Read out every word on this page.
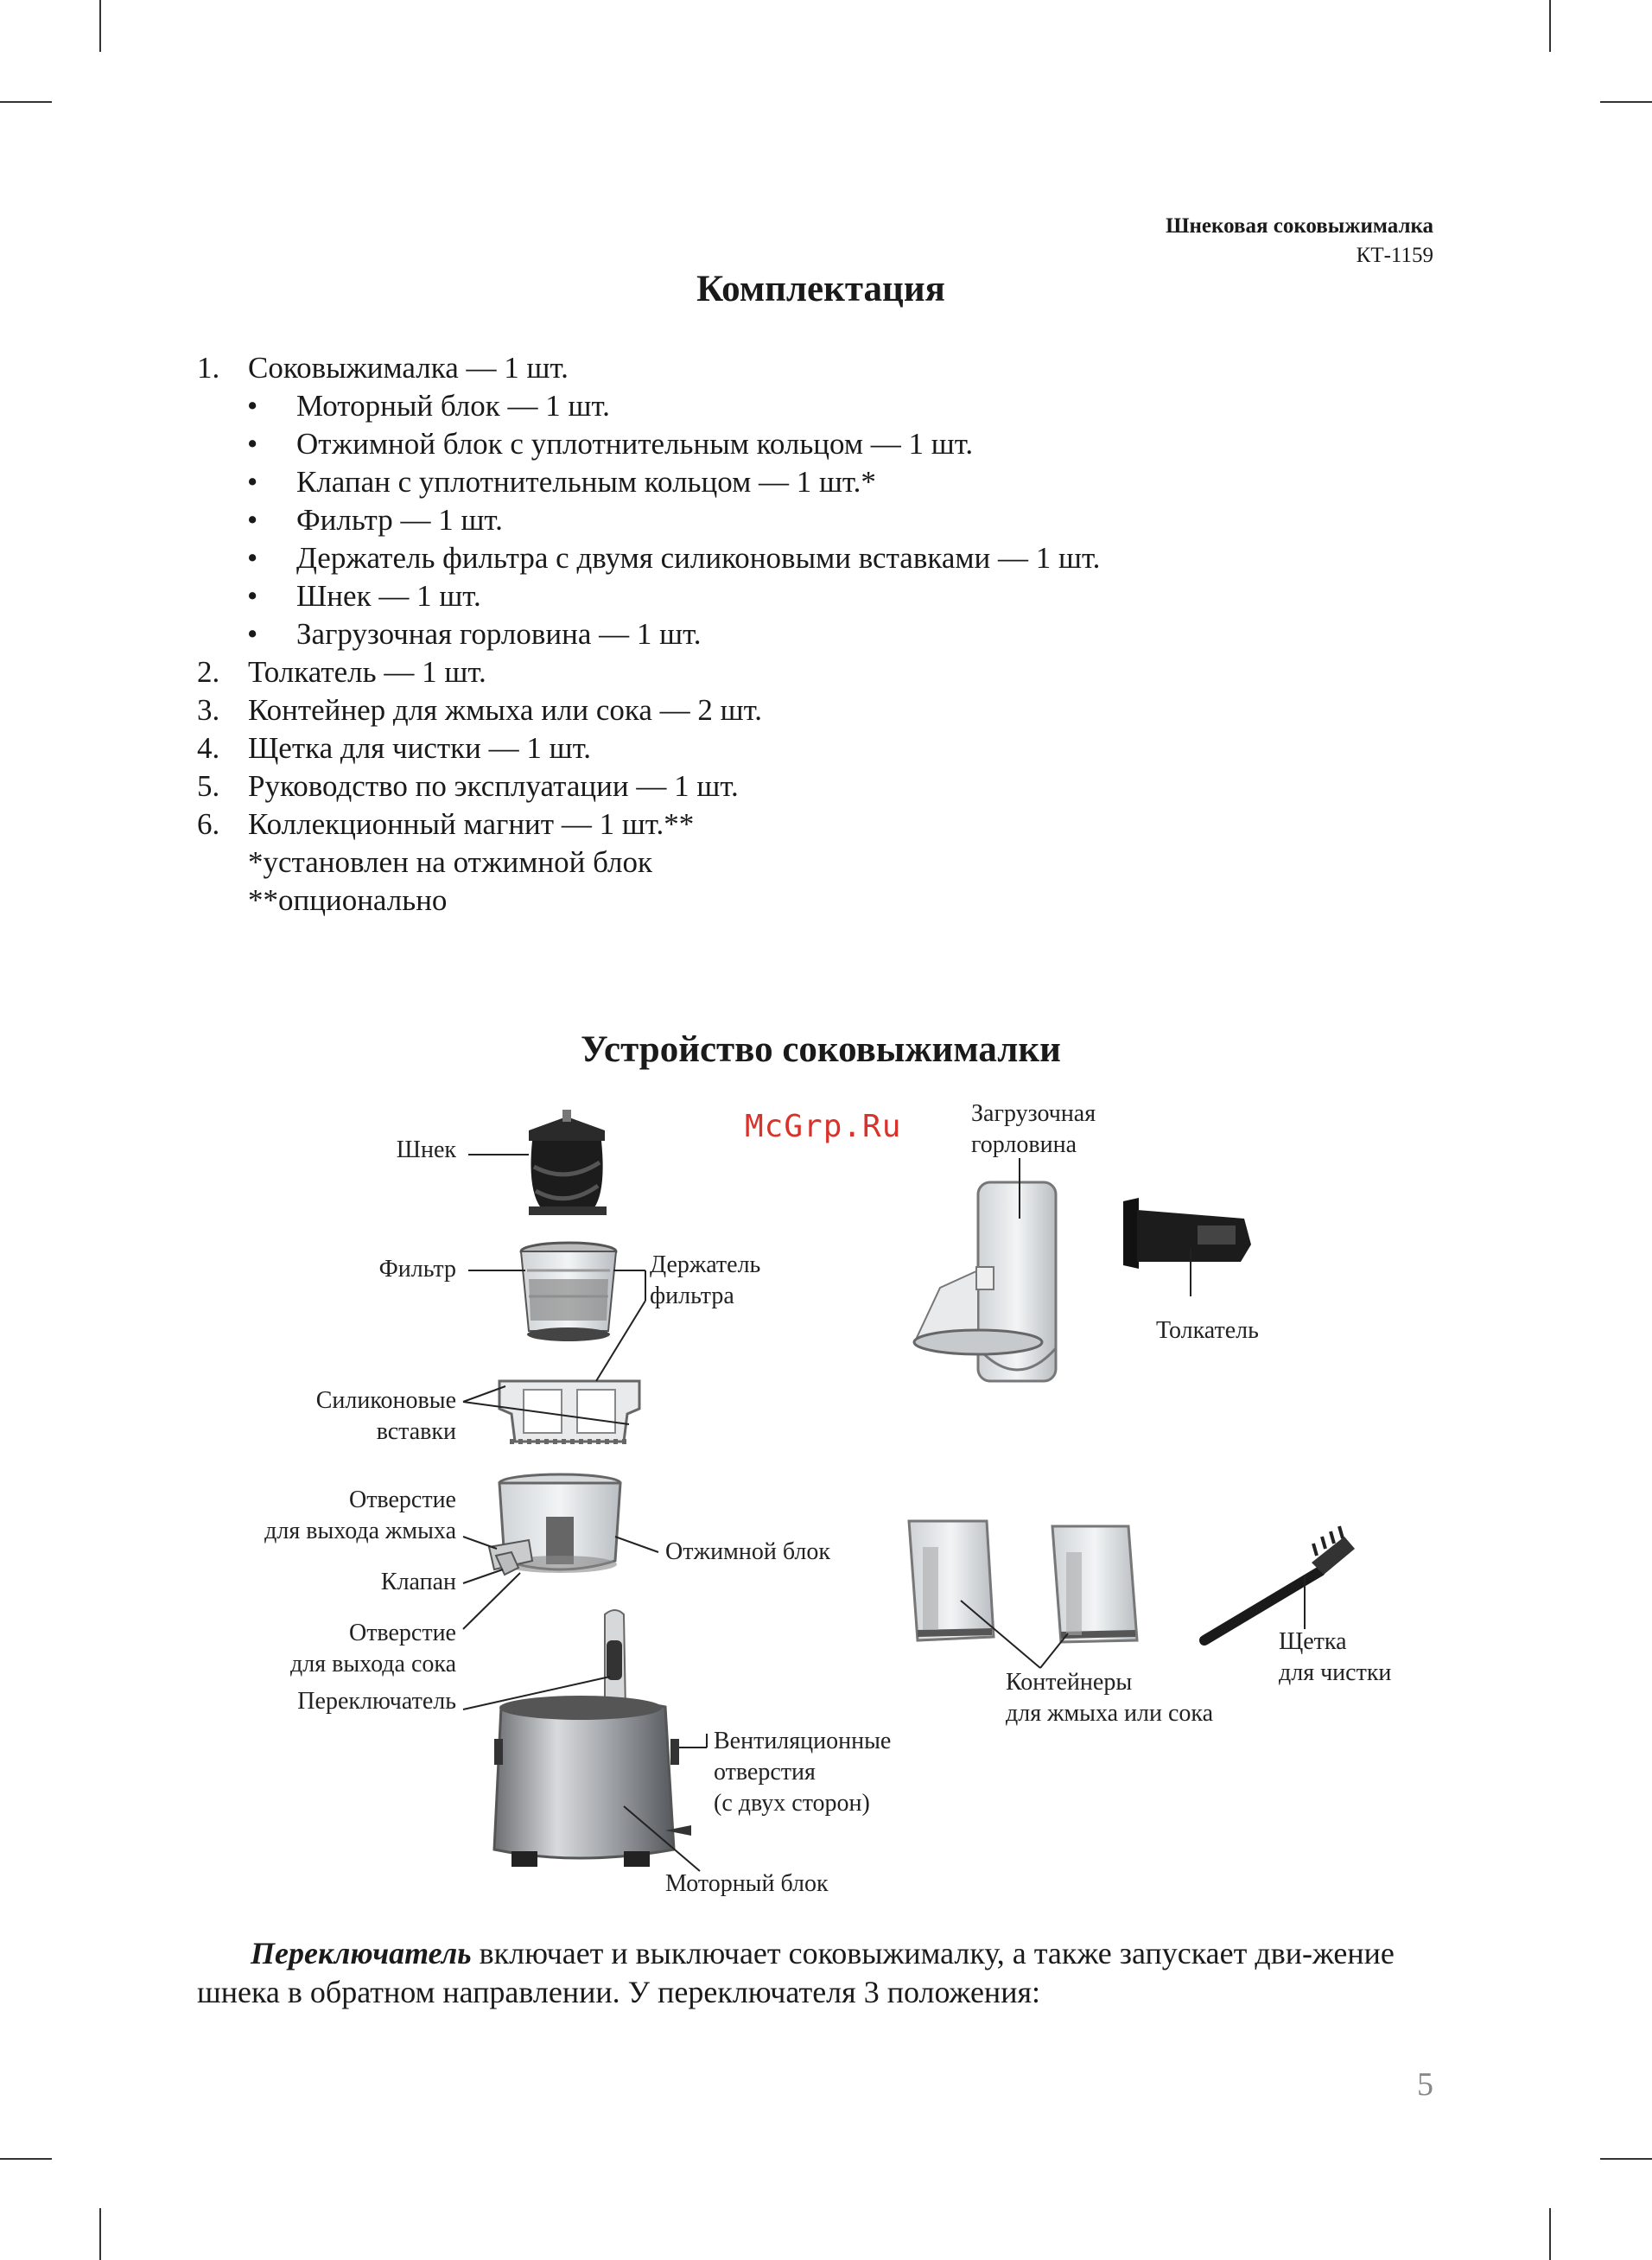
Шнековая соковыжималка
КТ-1159
Комплектация
1. Соковыжималка — 1 шт.
• Моторный блок — 1 шт.
• Отжимной блок с уплотнительным кольцом — 1 шт.
• Клапан с уплотнительным кольцом — 1 шт.*
• Фильтр — 1 шт.
• Держатель фильтра с двумя силиконовыми вставками — 1 шт.
• Шнек — 1 шт.
• Загрузочная горловина — 1 шт.
2. Толкатель — 1 шт.
3. Контейнер для жмыха или сока — 2 шт.
4. Щетка для чистки — 1 шт.
5. Руководство по эксплуатации — 1 шт.
6. Коллекционный магнит — 1 шт.**
*установлен на отжимной блок
**опционально
Устройство соковыжималки
McGrp.Ru
Шнек
Фильтр	Держатель
фильтра
Силиконовые
вставки
Отверстие
для выхода жмыха
Отжимной блок
Клапан
Отверстие
для выхода сока
Переключатель
Вентиляционные
отверстия
(с двух сторон)
Моторный блок
Загрузочная
горловина
Толкатель
Контейнеры
для жмыха или сока
Щетка
для чистки
Переключатель включает и выключает соковыжималку, а также запускает дви-жение шнека в обратном направлении. У переключателя 3 положения:
5
